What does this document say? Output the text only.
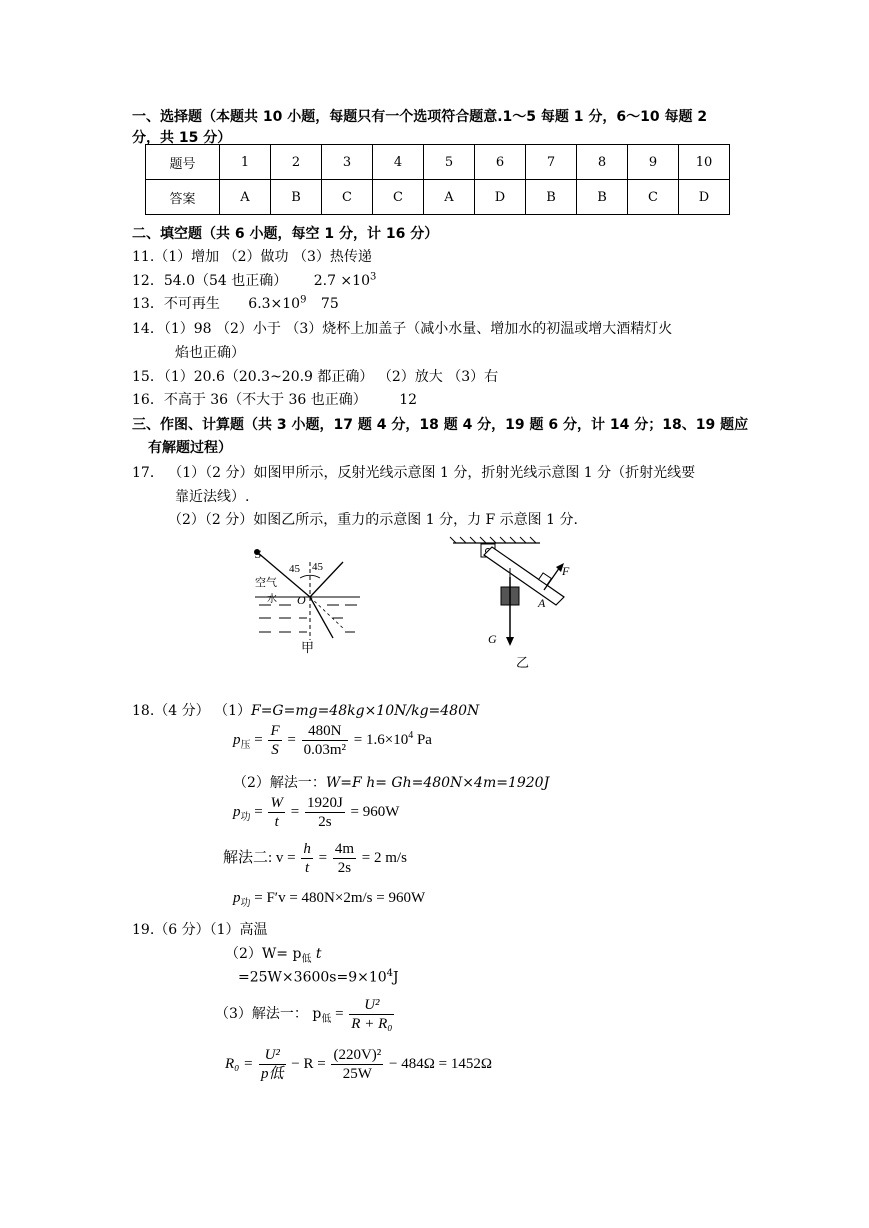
一、选择题（本题共 10 小题，每题只有一个选项符合题意.1～5 每题 1 分，6～10 每题 2
分，共 15 分）
题号	1	2	3	4	5	6	7	8	9	10
答案	A	B	C	C	A	D	B	B	C	D
二、填空题（共 6 小题，每空 1 分，计 16 分）
11.（1）增加 （2）做功 （3）热传递
12．54.0（54 也正确） $2.7 \times 10^3$
13．不可再生 $6.3\times 10^9$ 75
14．（1）98 （2）小于 （3）烧杯上加盖子（减小水量、增加水的初温或增大酒精灯火
焰也正确）
15．（1）20.6（20.3~20.9 都正确） （2）放大 （3）右
16．不高于 36（不大于 36 也正确） 12
三、作图、计算题（共 3 小题，17 题 4 分，18 题 4 分，19 题 6 分，计 14 分；18、19 题应
有解题过程）
17． （1）（2 分）如图甲所示，反射光线示意图 1 分，折射光线示意图 1 分（折射光线要
靠近法线）.
（2）（2 分）如图乙所示，重力的示意图 1 分，力 F 示意图 1 分.
S
45 45
空气
水 O
甲
F
A
G
乙
18.（4 分） （1）F=G=mg=48kg×10N/kg=480N
$p_压 = \frac{F}{S} = \frac{480N}{\text{0.03m²}} = 1.6\times 10^4$ Pa
（2）解法一：W=F h= Gh=480N×4m=1920J
$p_功 = \frac{W}{t} = \frac{1920J}{2s} = 960W$
解法二: $v = \frac{h}{t} = \frac{4m}{2s} = 2$ m/s
$p_功 = F'v = 480N\times 2m/s = 960W$
19.（6 分）（1）高温
$(2)W= p_低$ t
$=25W\times 3600s=9\times 10^4J$
（3）解法一： $p_低 = \frac{\text{U²}}{\text{R + R₀}}$
$R_0 = \frac{\text{U²}}{\text{p低}} - R = \frac{\text{(220V)²}}{25W} - 484\Omega = 1452\Omega$
